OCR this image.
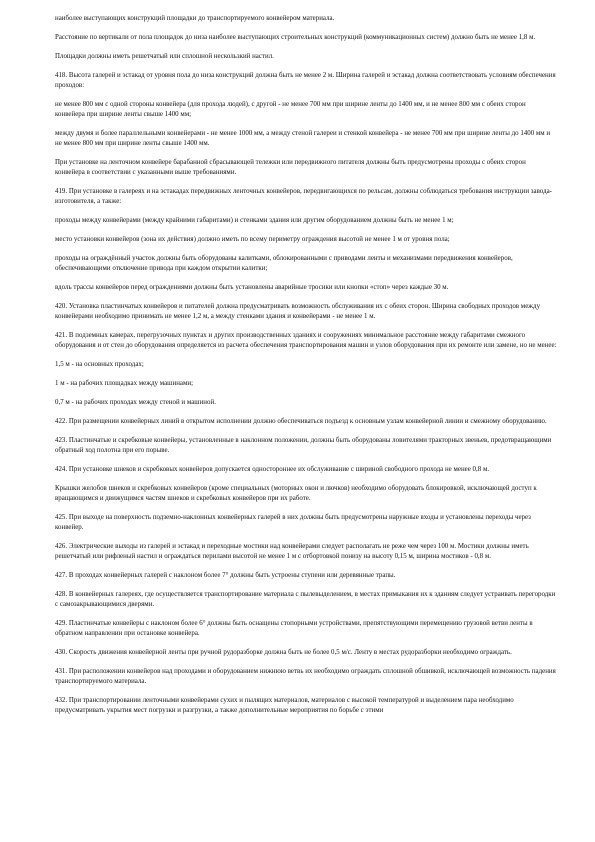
наиболее выступающих конструкций площадки до транспортируемого конвейером материала.

Расстояние по вертикали от пола площадок до низа наиболее выступающих строительных конструкций (коммуникационных систем) должно быть не менее 1,8 м.

Площадки должны иметь решетчатый или сплошной нескользкий настил.

418. Высота галерей и эстакад от уровня пола до низа конструкций должна быть не менее 2 м. Ширина галерей и эстакад должна соответствовать условиям обеспечения проходов:

не менее 800 мм с одной стороны конвейера (для прохода людей), с другой - не менее 700 мм при ширине ленты до 1400 мм, и не менее 800 мм с обеих сторон конвейера при ширине ленты свыше 1400 мм;

между двумя и более параллельными конвейерами - не менее 1000 мм, а между стеной галереи и стенкой конвейера - не менее 700 мм при ширине ленты до 1400 мм и не менее 800 мм при ширине ленты свыше 1400 мм.

При установке на ленточном конвейере барабанной сбрасывающей тележки или передвижного питателя должны быть предусмотрены проходы с обеих сторон конвейера в соответствии с указанными выше требованиями.

419. При установке в галереях и на эстакадах передвижных ленточных конвейеров, передвигающихся по рельсам, должны соблюдаться требования инструкции завода-изготовителя, а также:

проходы между конвейерами (между крайними габаритами) и стенками здания или другим оборудованием должны быть не менее 1 м;

место установки конвейеров (зона их действия) должно иметь по всему периметру ограждения высотой не менее 1 м от уровня пола;

проходы на ограждённый участок должны быть оборудованы калитками, облокированными с приводами ленты и механизмами передвижения конвейеров, обеспечивающими отключение привода при каждом открытии калитки;

вдоль трассы конвейеров перед ограждениями должны быть установлены аварийные тросики или кнопки «стоп» через каждые 30 м.

420. Установка пластинчатых конвейеров и питателей должна предусматривать возможность обслуживания их с обеих сторон. Ширина свободных проходов между конвейерами необходимо принимать не менее 1,2 м, а между стенками здания и конвейерами - не менее 1 м.

421. В подземных камерах, перегрузочных пунктах и других производственных зданиях и сооружениях минимальное расстояние между габаритами смежного оборудования и от стен до оборудования определяется из расчета обеспечения транспортирования машин и узлов оборудования при их ремонте или замене, но не менее:

1,5 м - на основных проходах;

1 м - на рабочих площадках между машинами;

0,7 м - на рабочих проходах между стеной и машиной.

422. При размещении конвейерных линий в открытом исполнении должно обеспечиваться подъезд к основным узлам конвейерной линии и смежному оборудованию.

423. Пластинчатые и скребковые конвейеры, установленные в наклонном положении, должны быть оборудованы ловителями тракторных звеньев, предотвращающими обратный ход полотна при его порыве.

424. При установке шнеков и скребковых конвейеров допускается одностороннее их обслуживание с шириной свободного прохода не менее 0,8 м.

Крышки желобов шнеков и скребковых конвейеров (кроме специальных (моторных окон и лючков) необходимо оборудовать блокировкой, исключающей доступ к вращающимся и движущимся частям шнеков и скребковых конвейеров при их работе.

425. При выходе на поверхность подземно-наклонных конвейерных галерей в них должны быть предусмотрены наружные входы и установлены переходы через конвейер.

426. Электрические выходы из галерей и эстакад и переходные мостики над конвейерами следует располагать не реже чем через 100 м. Мостики должны иметь решетчатый или рифленый настил и ограждаться перилами высотой не менее 1 м с отбортовкой понизу на высоту 0,15 м, ширина мостиков - 0,8 м.

427. В проходах конвейерных галерей с наклоном более 7° должны быть устроены ступени или деревянные трапы.

428. В конвейерных галереях, где осуществляется транспортирование материала с пылевыделением, в местах примыкания их к зданиям следует устраивать перегородки с самозакрывающимися дверями.

429. Пластинчатые конвейеры с наклоном более 6° должны быть оснащены стопорными устройствами, препятствующими перемещению грузовой ветви ленты в обратном направлении при остановке конвейера.

430. Скорость движения конвейерной ленты при ручной рудоразборке должна быть не более 0,5 м/с. Ленту в местах рудоразборки необходимо ограждать.

431. При расположении конвейеров над проходами и оборудованием нижнюю ветвь их необходимо ограждать сплошной обшивкой, исключающей возможность падения транспортируемого материала.

432. При транспортировании ленточными конвейерами сухих и пылящих материалов, материалов с высокой температурой и выделением пара необходимо предусматривать укрытия мест погрузки и разгрузки, а также дополнительные мероприятия по борьбе с этими
